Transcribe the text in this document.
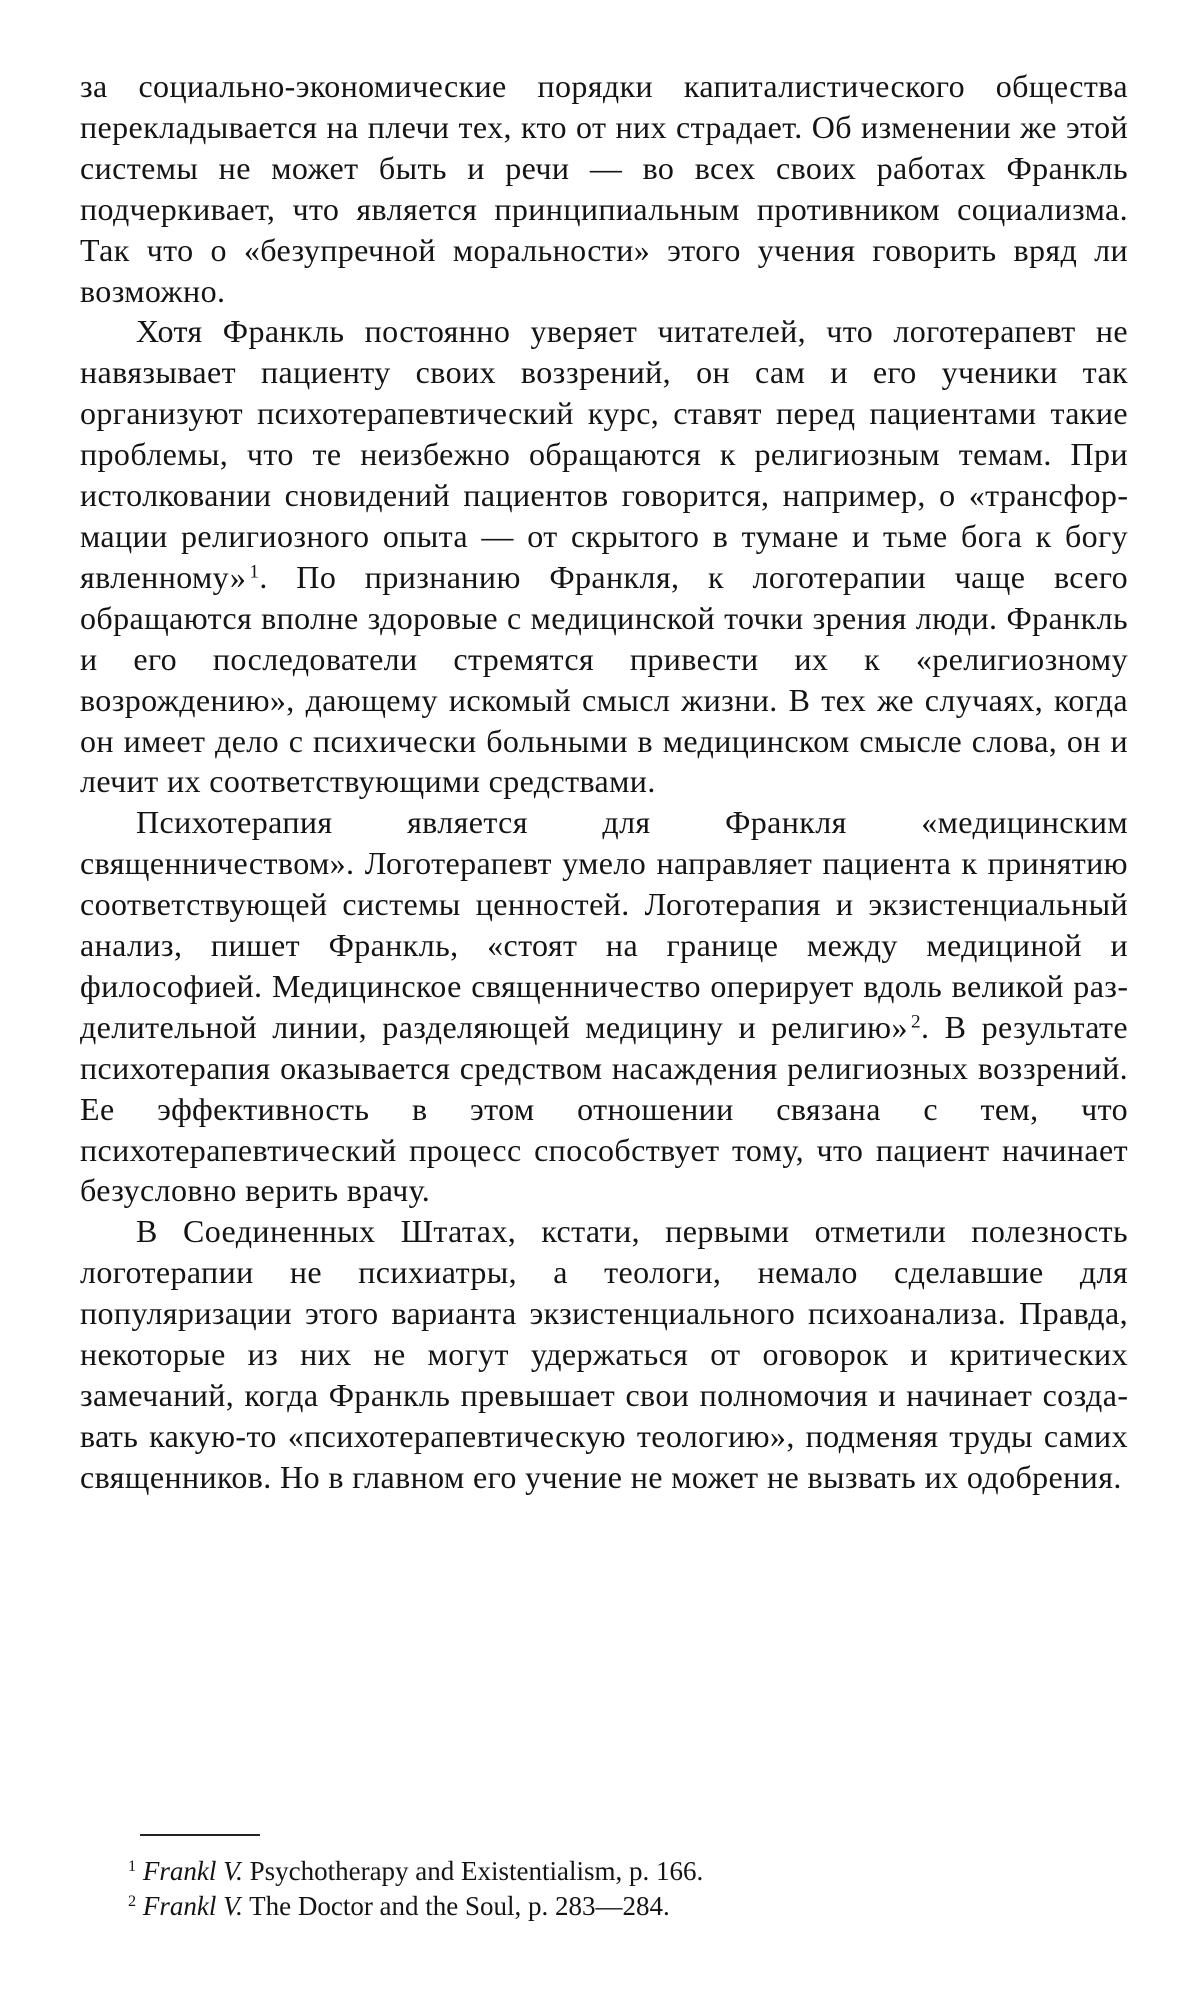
за социально-экономические порядки капиталистического общества перекладывается на плечи тех, кто от них страдает. Об изменении же этой системы не может быть и речи — во всех своих работах Франкль подчеркивает, что является принципиальным противником социализма. Так что о «безупречной моральности» этого учения говорить вряд ли возможно.

Хотя Франкль постоянно уверяет читателей, что логотерапевт не навязывает пациенту своих воззрений, он сам и его ученики так организуют психотерапевтический курс, ставят перед пациентами такие проблемы, что те неизбежно обращаются к религиозным темам. При истолковании сновидений пациентов говорится, например, о «трансформации религиозного опыта — от скрытого в тумане и тьме бога к богу явленному»  $^1$. По признанию Франкля, к логотерапии чаще всего обращаются вполне здоровые с медицинской точки зрения люди. Франкль и его последователи стремятся привести их к «религиозному возрождению», дающему искомый смысл жизни. В тех же случаях, когда он имеет дело с психически больными в медицинском смысле слова, он и лечит их соответствующими средствами.

Психотерапия является для Франкля «медицинским священничеством». Логотерапевт умело направляет пациента к принятию соответствующей системы ценностей. Логотерапия и экзистенциальный анализ, пишет Франкль, «стоят на границе между медициной и философией. Медицинское священничество оперирует вдоль великой разделительной линии, разделяющей медицину и религию»  $^2$. В результате психотерапия оказывается средством насаждения религиозных воззрений. Ее эффективность в этом отношении связана с тем, что психотерапевтический процесс способствует тому, что пациент начинает безусловно верить врачу.

В Соединенных Штатах, кстати, первыми отметили полезность логотерапии не психиатры, а теологи, немало сделавшие для популяризации этого варианта экзистенциального психоанализа. Правда, некоторые из них не могут удержаться от оговорок и критических замечаний, когда Франкль превышает свои полномочия и начинает создавать какую-то «психотерапевтическую теологию», подменяя труды самих священников. Но в главном его учение не может не вызвать их одобрения.

$^1$ Frankl V. Psychotherapy and Existentialism, p. 166.

$^2$ Frankl V. The Doctor and the Soul, p. 283—284.
